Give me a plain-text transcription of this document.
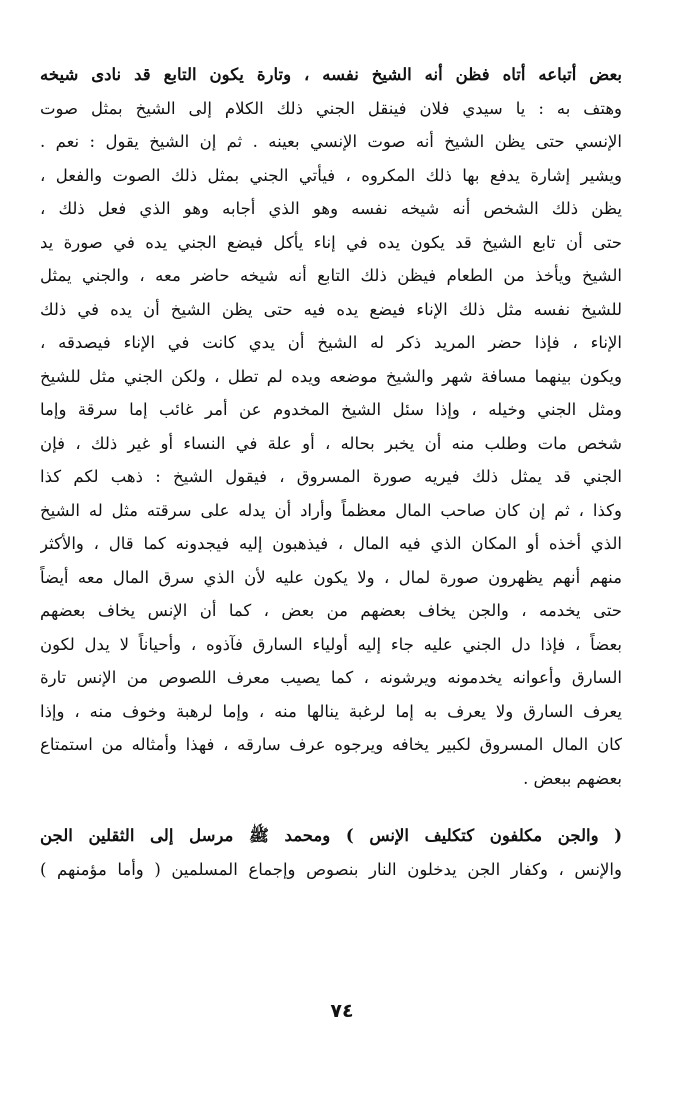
بعض أتباعه أتاه فظن أنه الشيخ نفسه ، وتارة يكون التابع قد نادى شيخه
وهتف به : يا سيدي فلان فينقل الجني ذلك الكلام إلى الشيخ بمثل صوت
الإنسي حتى يظن الشيخ أنه صوت الإنسي بعينه . ثم إن الشيخ يقول : نعم .
ويشير إشارة يدفع بها ذلك المكروه ، فيأتي الجني بمثل ذلك الصوت والفعل ،
يظن ذلك الشخص أنه شيخه نفسه وهو الذي أجابه وهو الذي فعل ذلك ،
حتى أن تابع الشيخ قد يكون يده في إناء يأكل فيضع الجني يده في صورة يد
الشيخ ويأخذ من الطعام فيظن ذلك التابع أنه شيخه حاضر معه ، والجني يمثل
للشيخ نفسه مثل ذلك الإناء فيضع يده فيه حتى يظن الشيخ أن يده في ذلك
الإناء ، فإذا حضر المريد ذكر له الشيخ أن يدي كانت في الإناء فيصدقه ،
ويكون بينهما مسافة شهر والشيخ موضعه ويده لم تطل ، ولكن الجني مثل للشيخ
ومثل الجني وخيله ، وإذا سئل الشيخ المخدوم عن أمر غائب إما سرقة وإما
شخص مات وطلب منه أن يخبر بحاله ، أو علة في النساء أو غير ذلك ، فإن
الجني قد يمثل ذلك فيريه صورة المسروق ، فيقول الشيخ : ذهب لكم كذا
وكذا ، ثم إن كان صاحب المال معظماً وأراد أن يدله على سرقته مثل له الشيخ
الذي أخذه أو المكان الذي فيه المال ، فيذهبون إليه فيجدونه كما قال ، والأكثر
منهم أنهم يظهرون صورة لمال ، ولا يكون عليه لأن الذي سرق المال معه أيضاً
حتى يخدمه ، والجن يخاف بعضهم من بعض ، كما أن الإنس يخاف بعضهم
بعضاً ، فإذا دل الجني عليه جاء إليه أولياء السارق فآذوه ، وأحياناً لا يدل لكون
السارق وأعوانه يخدمونه ويرشونه ، كما يصيب معرف اللصوص من الإنس تارة
يعرف السارق ولا يعرف به إما لرغبة ينالها منه ، وإما لرهبة وخوف منه ، وإذا
كان المال المسروق لكبير يخافه ويرجوه عرف سارقه ، فهذا وأمثاله من استمتاع
بعضهم ببعض .
( والجن مكلفون كتكليف الإنس ) ومحمد ﷺ مرسل إلى الثقلين الجن
والإنس ، وكفار الجن يدخلون النار بنصوص وإجماع المسلمين ( وأما مؤمنهم )
٧٤
